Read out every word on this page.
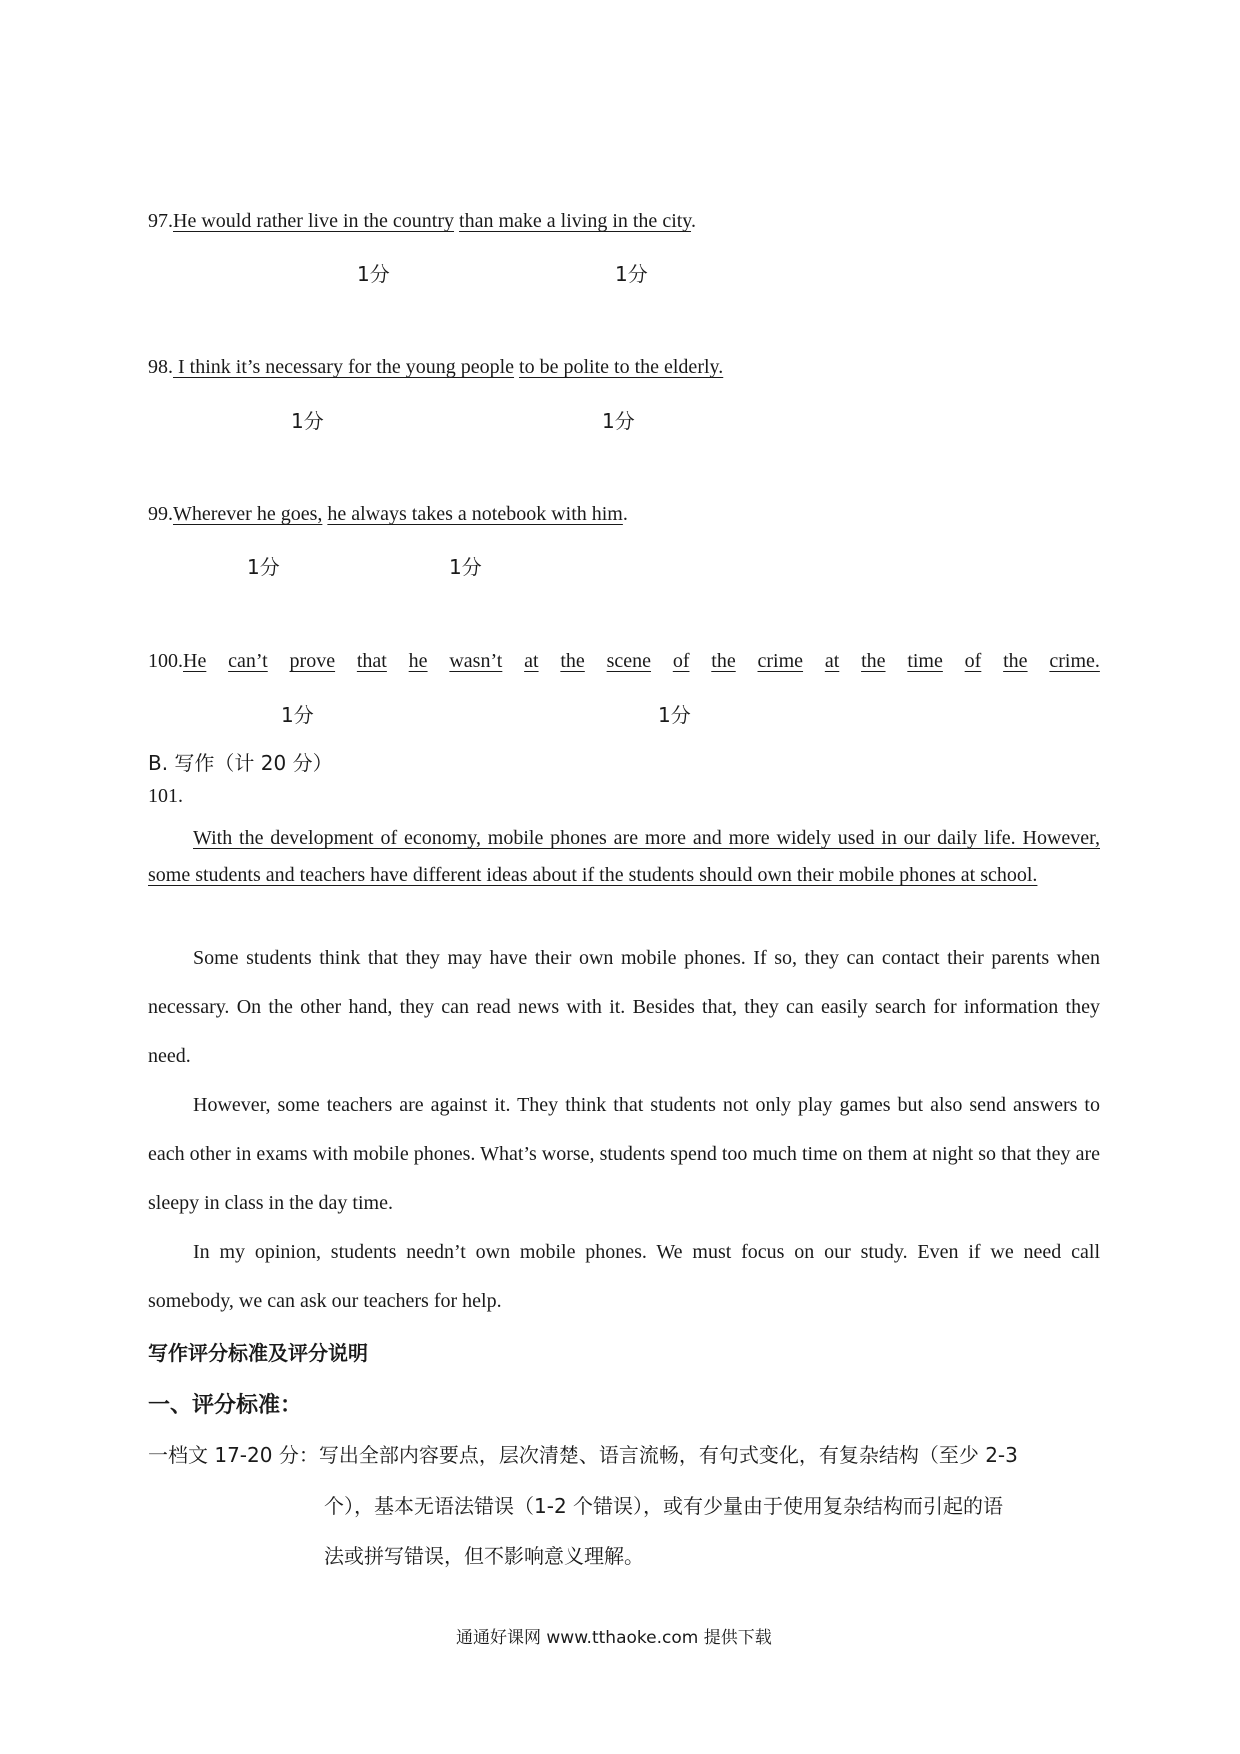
97.He would rather live in the country than make a living in the city.
1分	1分
98. I think it’s necessary for the young people to be polite to the elderly.
1分	1分
99.Wherever he goes, he always takes a notebook with him.
1分	1分
100.He can’t prove that he wasn’t at the scene of the crime at the time of the crime.
1分	1分
B. 写作（计 20 分）
101.
With the development of economy, mobile phones are more and more widely used in our daily life. However, some students and teachers have different ideas about if the students should own their mobile phones at school.
Some students think that they may have their own mobile phones. If so, they can contact their parents when necessary. On the other hand, they can read news with it. Besides that, they can easily search for information they need.
However, some teachers are against it. They think that students not only play games but also send answers to each other in exams with mobile phones. What’s worse, students spend too much time on them at night so that they are sleepy in class in the day time.
In my opinion, students needn’t own mobile phones. We must focus on our study. Even if we need call somebody, we can ask our teachers for help.
写作评分标准及评分说明
一、评分标准：
一档文 17-20 分：写出全部内容要点，层次清楚、语言流畅，有句式变化，有复杂结构（至少 2-3
个），基本无语法错误（1-2 个错误），或有少量由于使用复杂结构而引起的语
法或拼写错误，但不影响意义理解。
通通好课网 www.tthaoke.com 提供下载
